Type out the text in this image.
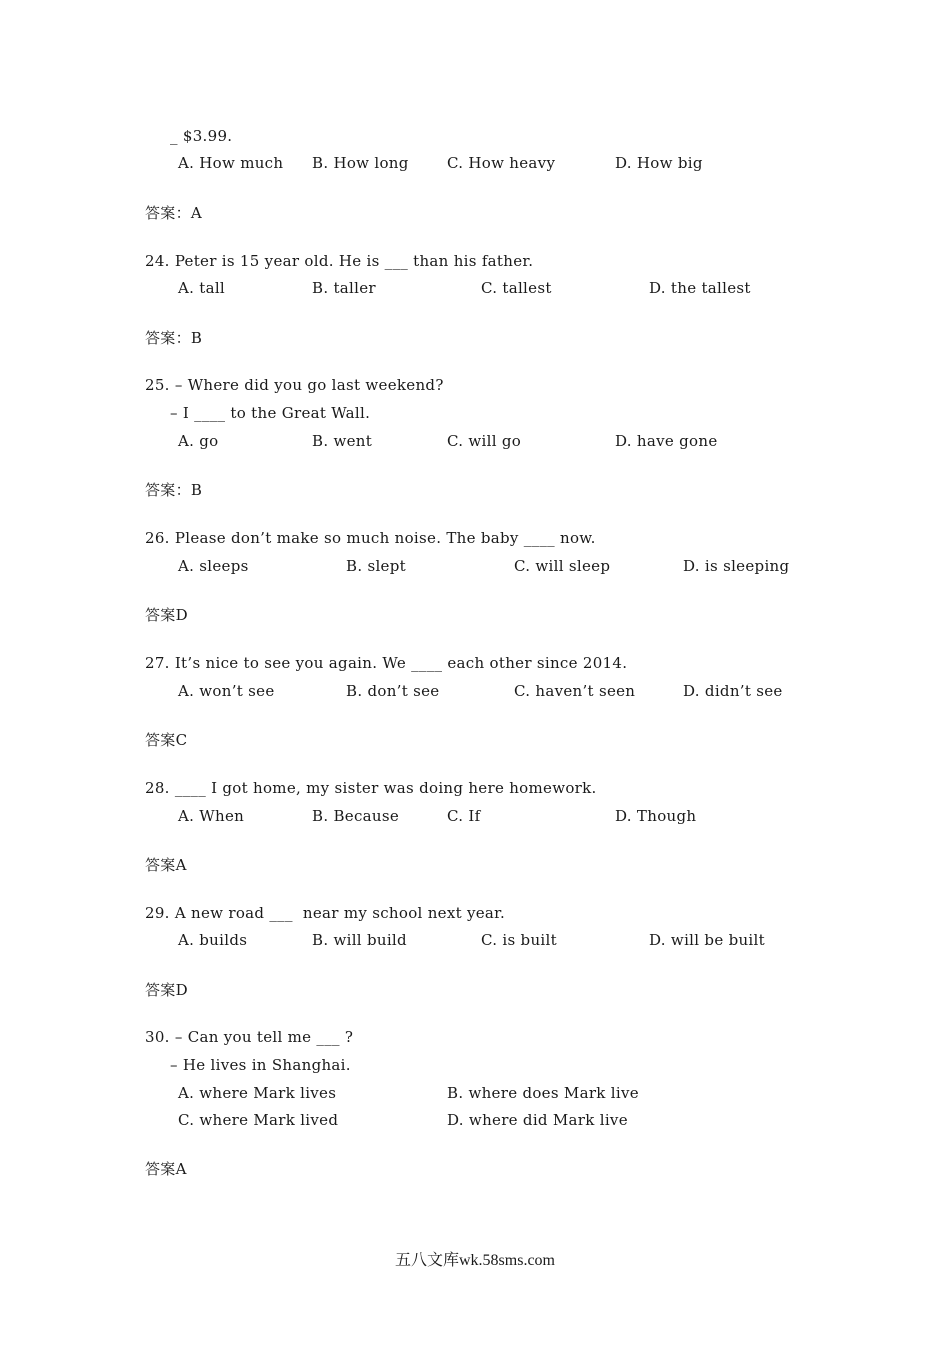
_ $3.99.
A. How much B. How long	C. How heavy	D. How big
答案：A
24. Peter is 15 year old. He is ___ than his father.
A. tall	B. taller	C. tallest	D. the tallest
答案：B
25. – Where did you go last weekend?
– I ____ to the Great Wall.
A. go	B. went	C. will go	D. have gone
答案：B
26. Please don’t make so much noise. The baby ____ now.
A. sleeps	B. slept	C. will sleep	D. is sleeping
答案D
27. It’s nice to see you again. We ____ each other since 2014.
A. won’t see	B. don’t see	C. haven’t seen	D. didn’t see
答案C
28. ____ I got home, my sister was doing here homework.
A. When	B. Because	C. If	D. Though
答案A
29. A new road ___  near my school next year.
A. builds	B. will build	C. is built	D. will be built
答案D
30. – Can you tell me ___ ?
– He lives in Shanghai.
A. where Mark lives	B. where does Mark live
C. where Mark lived	D. where did Mark live
答案A
五八文库wk.58sms.com
